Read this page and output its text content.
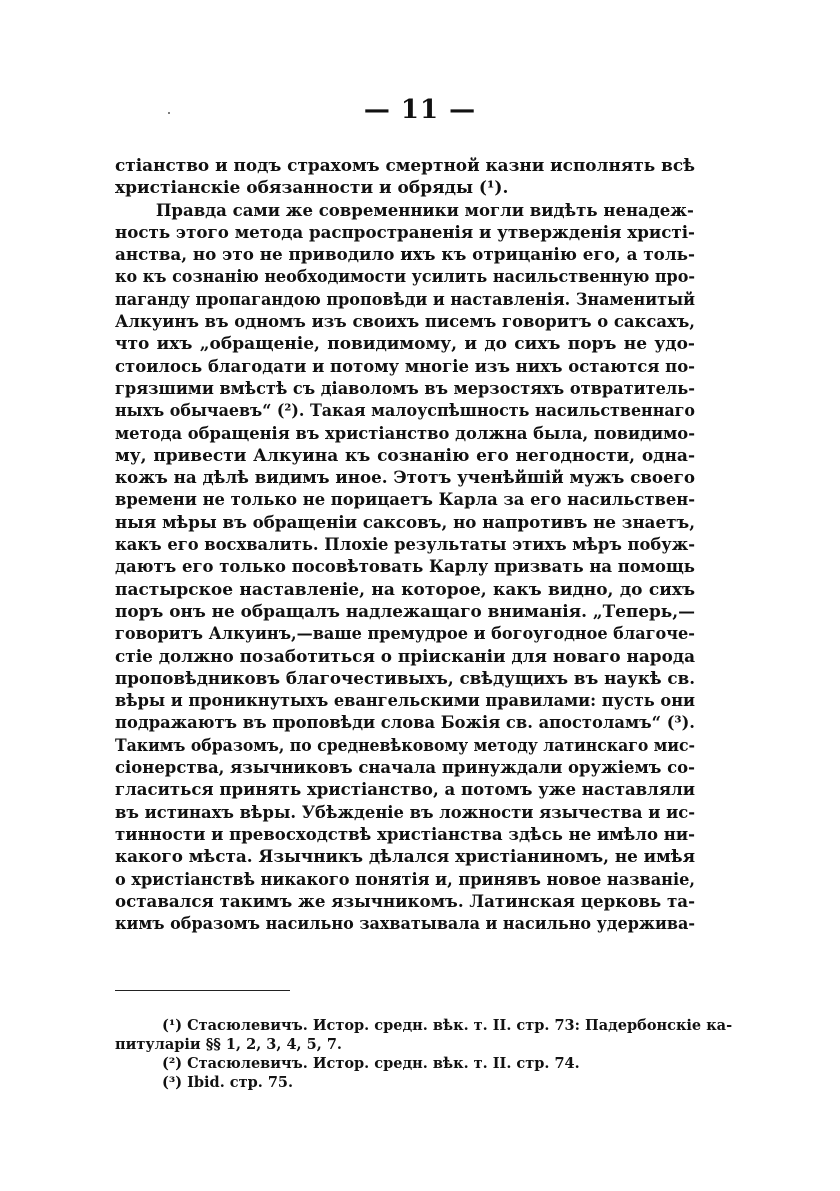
— 11 —
стіанство и подъ страхомъ смертной казни исполнять всѣ
христіанскіе обязанности и обряды (¹).
Правда сами же современники могли видѣть ненадеж-
ность этого метода распространенія и утвержденія христі-
анства, но это не приводило ихъ къ отрицанію его, а толь-
ко къ сознанію необходимости усилить насильственную про-
паганду пропагандою проповѣди и наставленія. Знаменитый
Алкуинъ въ одномъ изъ своихъ писемъ говоритъ о саксахъ,
что ихъ „обращеніе, повидимому, и до сихъ поръ не удо-
стоилось благодати и потому многіе изъ нихъ остаются по-
грязшими вмѣстѣ съ діаволомъ въ мерзостяхъ отвратитель-
ныхъ обычаевъ“ (²). Такая малоуспѣшность насильственнаго
метода обращенія въ христіанство должна была, повидимо-
му, привести Алкуина къ сознанію его негодности, одна-
кожъ на дѣлѣ видимъ иное. Этотъ ученѣйшій мужъ своего
времени не только не порицаетъ Карла за его насильствен-
ныя мѣры въ обращеніи саксовъ, но напротивъ не знаетъ,
какъ его восхвалить. Плохіе результаты этихъ мѣръ побуж-
даютъ его только посовѣтовать Карлу призвать на помощь
пастырское наставленіе, на которое, какъ видно, до сихъ
поръ онъ не обращалъ надлежащаго вниманія. „Теперь,—
говоритъ Алкуинъ,—ваше премудрое и богоугодное благоче-
стіе должно позаботиться о пріисканіи для новаго народа
проповѣдниковъ благочестивыхъ, свѣдущихъ въ наукѣ св.
вѣры и проникнутыхъ евангельскими правилами: пусть они
подражаютъ въ проповѣди слова Божія св. апостоламъ“ (³).
Такимъ образомъ, по средневѣковому методу латинскаго мис-
сіонерства, язычниковъ сначала принуждали оружіемъ со-
гласиться принять христіанство, а потомъ уже наставляли
въ истинахъ вѣры. Убѣжденіе въ ложности язычества и ис-
тинности и превосходствѣ христіанства здѣсь не имѣло ни-
какого мѣста. Язычникъ дѣлался христіаниномъ, не имѣя
о христіанствѣ никакого понятія и, принявъ новое названіе,
оставался такимъ же язычникомъ. Латинская церковь та-
кимъ образомъ насильно захватывала и насильно удержива-
(¹) Стасюлевичъ. Истор. средн. вѣк. т. II. стр. 73: Падербонскіе ка-
питуларіи §§ 1, 2, 3, 4, 5, 7.
(²) Стасюлевичъ. Истор. средн. вѣк. т. II. стр. 74.
(³) Ibid. стр. 75.
